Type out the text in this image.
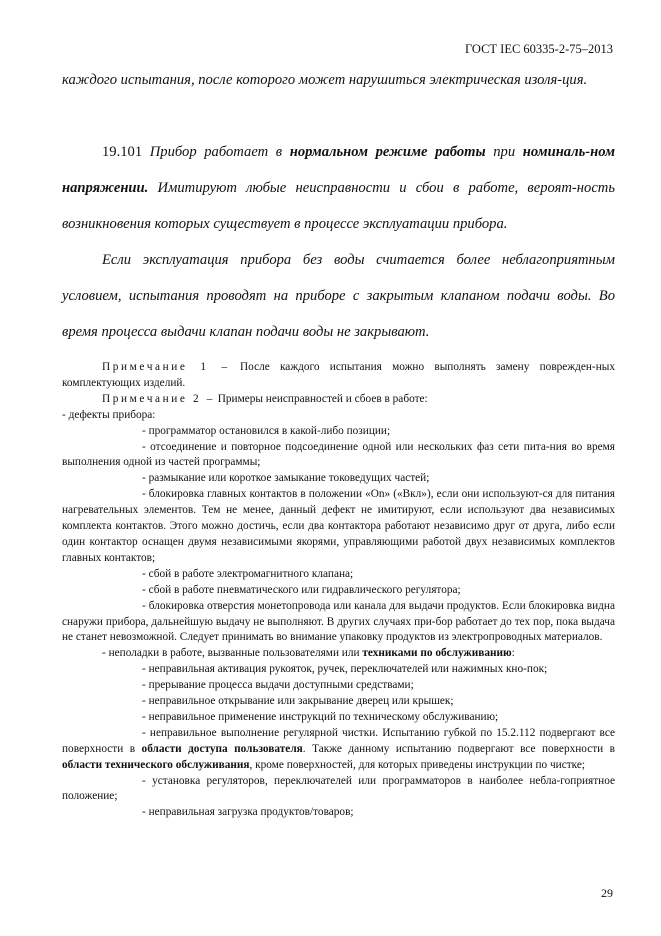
ГОСТ IEC 60335-2-75–2013

каждого испытания, после которого может нарушиться электрическая изоля-ция.

19.101 Прибор работает в нормальном режиме работы при номиналь-ном напряжении. Имитируют любые неисправности и сбои в работе, вероят-ность возникновения которых существует в процессе эксплуатации прибора.

Если эксплуатация прибора без воды считается более неблагоприятным условием, испытания проводят на приборе с закрытым клапаном подачи воды. Во время процесса выдачи клапан подачи воды не закрывают.

Примечание 1 – После каждого испытания можно выполнять замену поврежден-ных комплектующих изделий.

Примечание 2 – Примеры неисправностей и сбоев в работе:

- дефекты прибора:

- программатор остановился в какой-либо позиции;

- отсоединение и повторное подсоединение одной или нескольких фаз сети пита-ния во время выполнения одной из частей программы;

- размыкание или короткое замыкание токоведущих частей;

- блокировка главных контактов в положении «On» («Вкл»), если они используют-ся для питания нагревательных элементов. Тем не менее, данный дефект не имитируют, если используют два независимых комплекта контактов. Этого можно достичь, если два контактора работают независимо друг от друга, либо если один контактор оснащен двумя независимыми якорями, управляющими работой двух независимых комплектов главных контактов;

- сбой в работе электромагнитного клапана;

- сбой в работе пневматического или гидравлического регулятора;

- блокировка отверстия монетопровода или канала для выдачи продуктов. Если блокировка видна снаружи прибора, дальнейшую выдачу не выполняют. В других случаях при-бор работает до тех пор, пока выдача не станет невозможной. Следует принимать во внимание упаковку продуктов из электропроводных материалов.

- неполадки в работе, вызванные пользователями или техниками по обслуживанию:

- неправильная активация рукояток, ручек, переключателей или нажимных кно-пок;

- прерывание процесса выдачи доступными средствами;

- неправильное открывание или закрывание дверец или крышек;

- неправильное применение инструкций по техническому обслуживанию;

- неправильное выполнение регулярной чистки. Испытанию губкой по 15.2.112 подвергают все поверхности в области доступа пользователя. Также данному испытанию подвергают все поверхности в области технического обслуживания, кроме поверхностей, для которых приведены инструкции по чистке;

- установка регуляторов, переключателей или программаторов в наиболее небла-гоприятное положение;

- неправильная загрузка продуктов/товаров;

29
